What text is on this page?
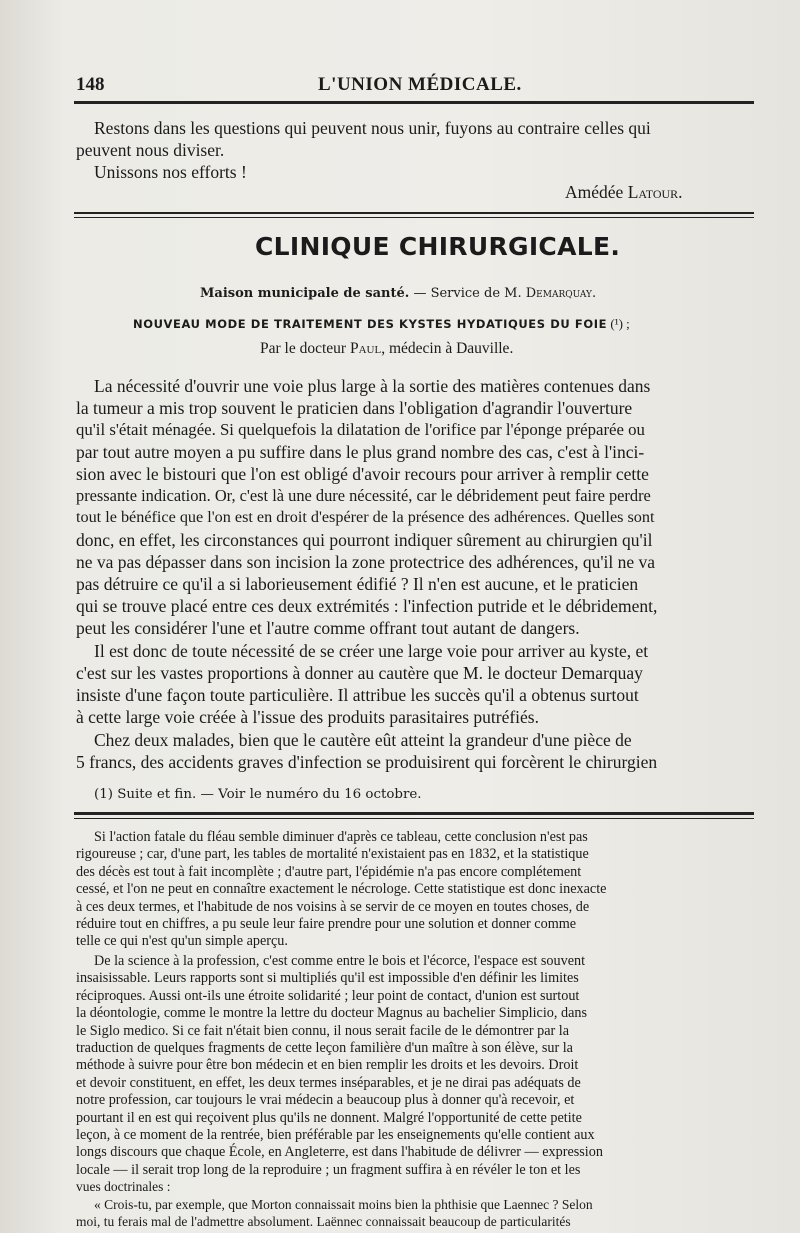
148	L'UNION MÉDICALE.
Restons dans les questions qui peuvent nous unir, fuyons au contraire celles qui
peuvent nous diviser.
Unissons nos efforts !
Amédée Latour.
CLINIQUE CHIRURGICALE.
Maison municipale de santé. — Service de M. Demarquay.
NOUVEAU MODE DE TRAITEMENT DES KYSTES HYDATIQUES DU FOIE (¹) ;
Par le docteur Paul, médecin à Dauville.
La nécessité d'ouvrir une voie plus large à la sortie des matières contenues dans
la tumeur a mis trop souvent le praticien dans l'obligation d'agrandir l'ouverture
qu'il s'était ménagée. Si quelquefois la dilatation de l'orifice par l'éponge préparée ou
par tout autre moyen a pu suffire dans le plus grand nombre des cas, c'est à l'inci-
sion avec le bistouri que l'on est obligé d'avoir recours pour arriver à remplir cette
pressante indication. Or, c'est là une dure nécessité, car le débridement peut faire perdre
tout le bénéfice que l'on est en droit d'espérer de la présence des adhérences. Quelles sont
donc, en effet, les circonstances qui pourront indiquer sûrement au chirurgien qu'il
ne va pas dépasser dans son incision la zone protectrice des adhérences, qu'il ne va
pas détruire ce qu'il a si laborieusement édifié ? Il n'en est aucune, et le praticien
qui se trouve placé entre ces deux extrémités : l'infection putride et le débridement,
peut les considérer l'une et l'autre comme offrant tout autant de dangers.
Il est donc de toute nécessité de se créer une large voie pour arriver au kyste, et
c'est sur les vastes proportions à donner au cautère que M. le docteur Demarquay
insiste d'une façon toute particulière. Il attribue les succès qu'il a obtenus surtout
à cette large voie créée à l'issue des produits parasitaires putréfiés.
Chez deux malades, bien que le cautère eût atteint la grandeur d'une pièce de
5 francs, des accidents graves d'infection se produisirent qui forcèrent le chirurgien
(1) Suite et fin. — Voir le numéro du 16 octobre.
Si l'action fatale du fléau semble diminuer d'après ce tableau, cette conclusion n'est pas
rigoureuse ; car, d'une part, les tables de mortalité n'existaient pas en 1832, et la statistique
des décès est tout à fait incomplète ; d'autre part, l'épidémie n'a pas encore complétement
cessé, et l'on ne peut en connaître exactement le nécrologe. Cette statistique est donc inexacte
à ces deux termes, et l'habitude de nos voisins à se servir de ce moyen en toutes choses, de
réduire tout en chiffres, a pu seule leur faire prendre pour une solution et donner comme
telle ce qui n'est qu'un simple aperçu.
De la science à la profession, c'est comme entre le bois et l'écorce, l'espace est souvent
insaisissable. Leurs rapports sont si multipliés qu'il est impossible d'en définir les limites
réciproques. Aussi ont-ils une étroite solidarité ; leur point de contact, d'union est surtout
la déontologie, comme le montre la lettre du docteur Magnus au bachelier Simplicio, dans
le Siglo medico. Si ce fait n'était bien connu, il nous serait facile de le démontrer par la
traduction de quelques fragments de cette leçon familière d'un maître à son élève, sur la
méthode à suivre pour être bon médecin et en bien remplir les droits et les devoirs. Droit
et devoir constituent, en effet, les deux termes inséparables, et je ne dirai pas adéquats de
notre profession, car toujours le vrai médecin a beaucoup plus à donner qu'à recevoir, et
pourtant il en est qui reçoivent plus qu'ils ne donnent. Malgré l'opportunité de cette petite
leçon, à ce moment de la rentrée, bien préférable par les enseignements qu'elle contient aux
longs discours que chaque École, en Angleterre, est dans l'habitude de délivrer — expression
locale — il serait trop long de la reproduire ; un fragment suffira à en révéler le ton et les
vues doctrinales :
« Crois-tu, par exemple, que Morton connaissait moins bien la phthisie que Laennec ? Selon
moi, tu ferais mal de l'admettre absolument. Laënnec connaissait beaucoup de particularités
